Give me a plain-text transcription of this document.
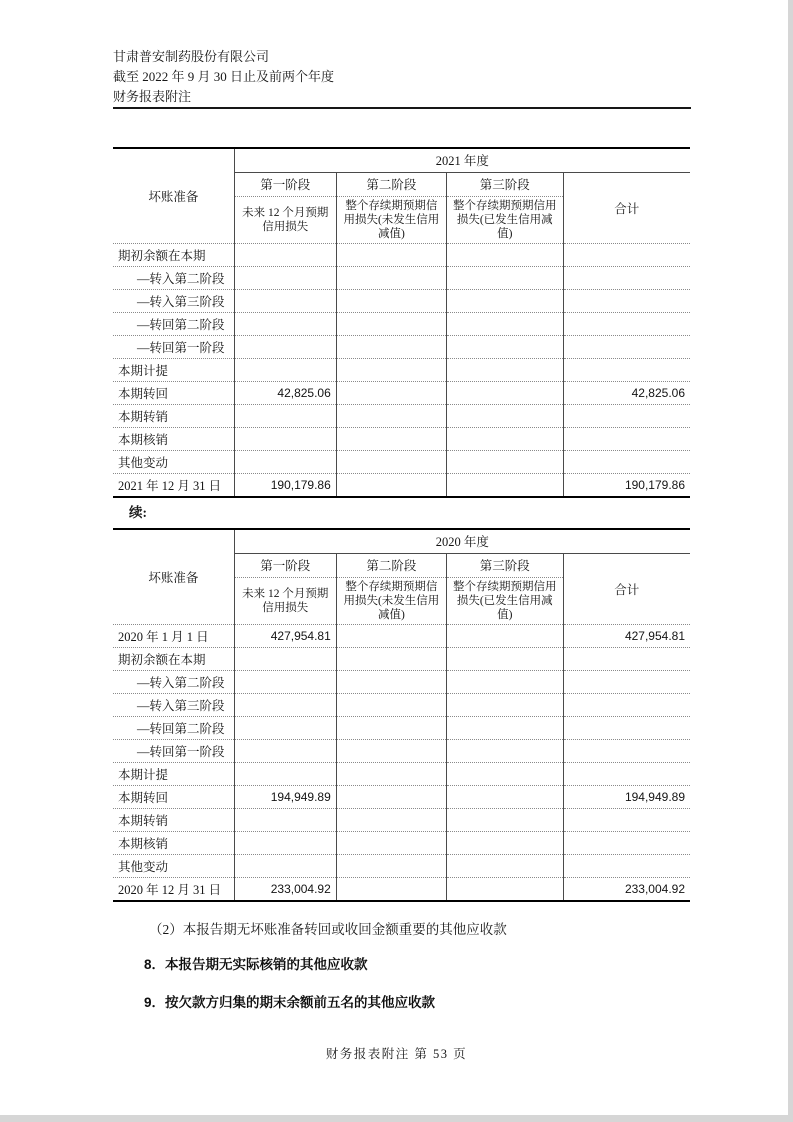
甘肃普安制药股份有限公司
截至 2022 年 9 月 30 日止及前两个年度
财务报表附注
坏账准备	2021 年度			
	第一阶段	第二阶段	第三阶段	合计
	未来 12 个月预期信用损失	整个存续期预期信用损失(未发生信用减值)	整个存续期预期信用损失(已发生信用减值)	
期初余额在本期				
—转入第二阶段				
—转入第三阶段				
—转回第二阶段				
—转回第一阶段				
本期计提				
本期转回	42,825.06			42,825.06
本期转销				
本期核销				
其他变动				
2021 年 12 月 31 日	190,179.86			190,179.86
续:
坏账准备	2020 年度			
	第一阶段	第二阶段	第三阶段	合计
	未来 12 个月预期信用损失	整个存续期预期信用损失(未发生信用减值)	整个存续期预期信用损失(已发生信用减值)	
2020 年 1 月 1 日	427,954.81			427,954.81
期初余额在本期				
—转入第二阶段				
—转入第三阶段				
—转回第二阶段				
—转回第一阶段				
本期计提				
本期转回	194,949.89			194,949.89
本期转销				
本期核销				
其他变动				
2020 年 12 月 31 日	233,004.92			233,004.92
（2）本报告期无坏账准备转回或收回金额重要的其他应收款
8．本报告期无实际核销的其他应收款
9．按欠款方归集的期末余额前五名的其他应收款
财务报表附注 第 53 页
